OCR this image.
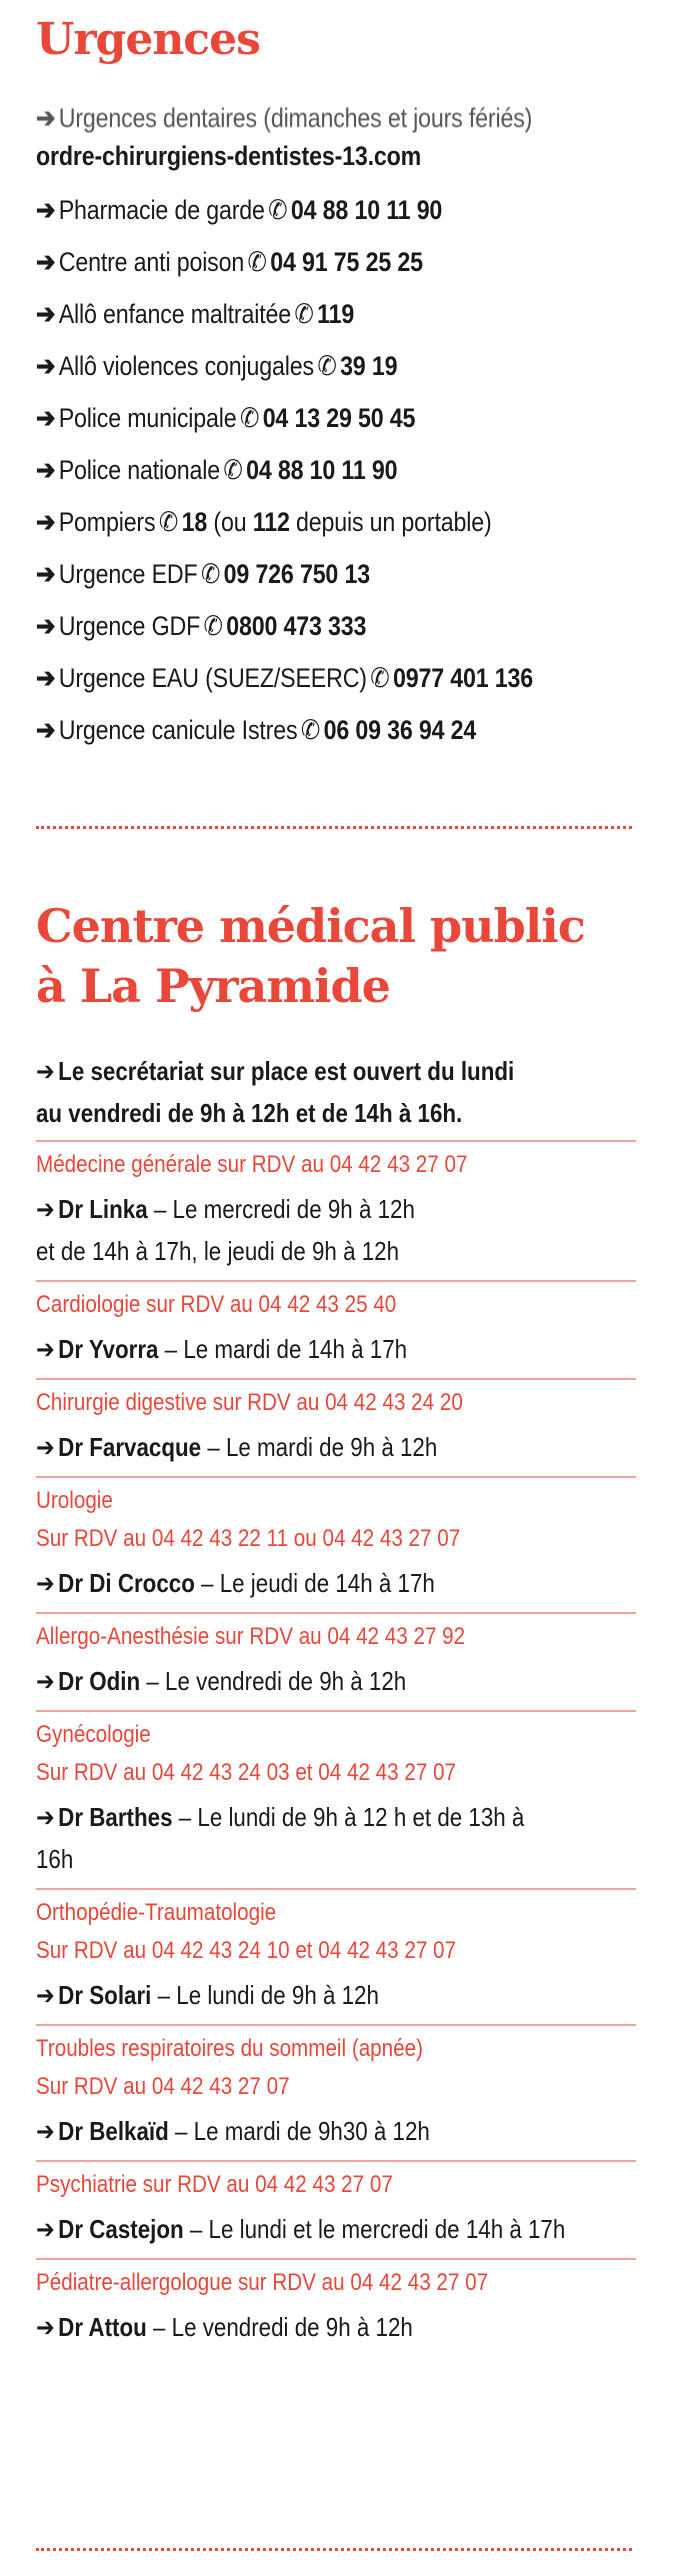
Urgences
➔ Urgences dentaires (dimanches et jours fériés)
ordre-chirurgiens-dentistes-13.com
➔ Pharmacie de garde ✆ 04 88 10 11 90
➔ Centre anti poison ✆ 04 91 75 25 25
➔ Allô enfance maltraitée ✆ 119
➔ Allô violences conjugales ✆ 39 19
➔ Police municipale ✆ 04 13 29 50 45
➔ Police nationale ✆ 04 88 10 11 90
➔ Pompiers ✆ 18 (ou 112 depuis un portable)
➔ Urgence EDF ✆ 09 726 750 13
➔ Urgence GDF ✆ 0800 473 333
➔ Urgence EAU (SUEZ/SEERC) ✆ 0977 401 136
➔ Urgence canicule Istres ✆ 06 09 36 94 24
Centre médical public
à La Pyramide
➔ Le secrétariat sur place est ouvert du lundi
au vendredi de 9h à 12h et de 14h à 16h.
Médecine générale sur RDV au 04 42 43 27 07
➔ Dr Linka – Le mercredi de 9h à 12h
et de 14h à 17h, le jeudi de 9h à 12h
Cardiologie sur RDV au 04 42 43 25 40
➔ Dr Yvorra – Le mardi de 14h à 17h
Chirurgie digestive sur RDV au 04 42 43 24 20
➔ Dr Farvacque – Le mardi de 9h à 12h
Urologie
Sur RDV au 04 42 43 22 11 ou 04 42 43 27 07
➔ Dr Di Crocco – Le jeudi de 14h à 17h
Allergo-Anesthésie sur RDV au 04 42 43 27 92
➔ Dr Odin – Le vendredi de 9h à 12h
Gynécologie
Sur RDV au 04 42 43 24 03 et 04 42 43 27 07
➔ Dr Barthes – Le lundi de 9h à 12 h et de 13h à
16h
Orthopédie-Traumatologie
Sur RDV au 04 42 43 24 10 et 04 42 43 27 07
➔ Dr Solari – Le lundi de 9h à 12h
Troubles respiratoires du sommeil (apnée)
Sur RDV au 04 42 43 27 07
➔ Dr Belkaïd – Le mardi de 9h30 à 12h
Psychiatrie sur RDV au 04 42 43 27 07
➔ Dr Castejon – Le lundi et le mercredi de 14h à 17h
Pédiatre-allergologue sur RDV au 04 42 43 27 07
➔ Dr Attou – Le vendredi de 9h à 12h
